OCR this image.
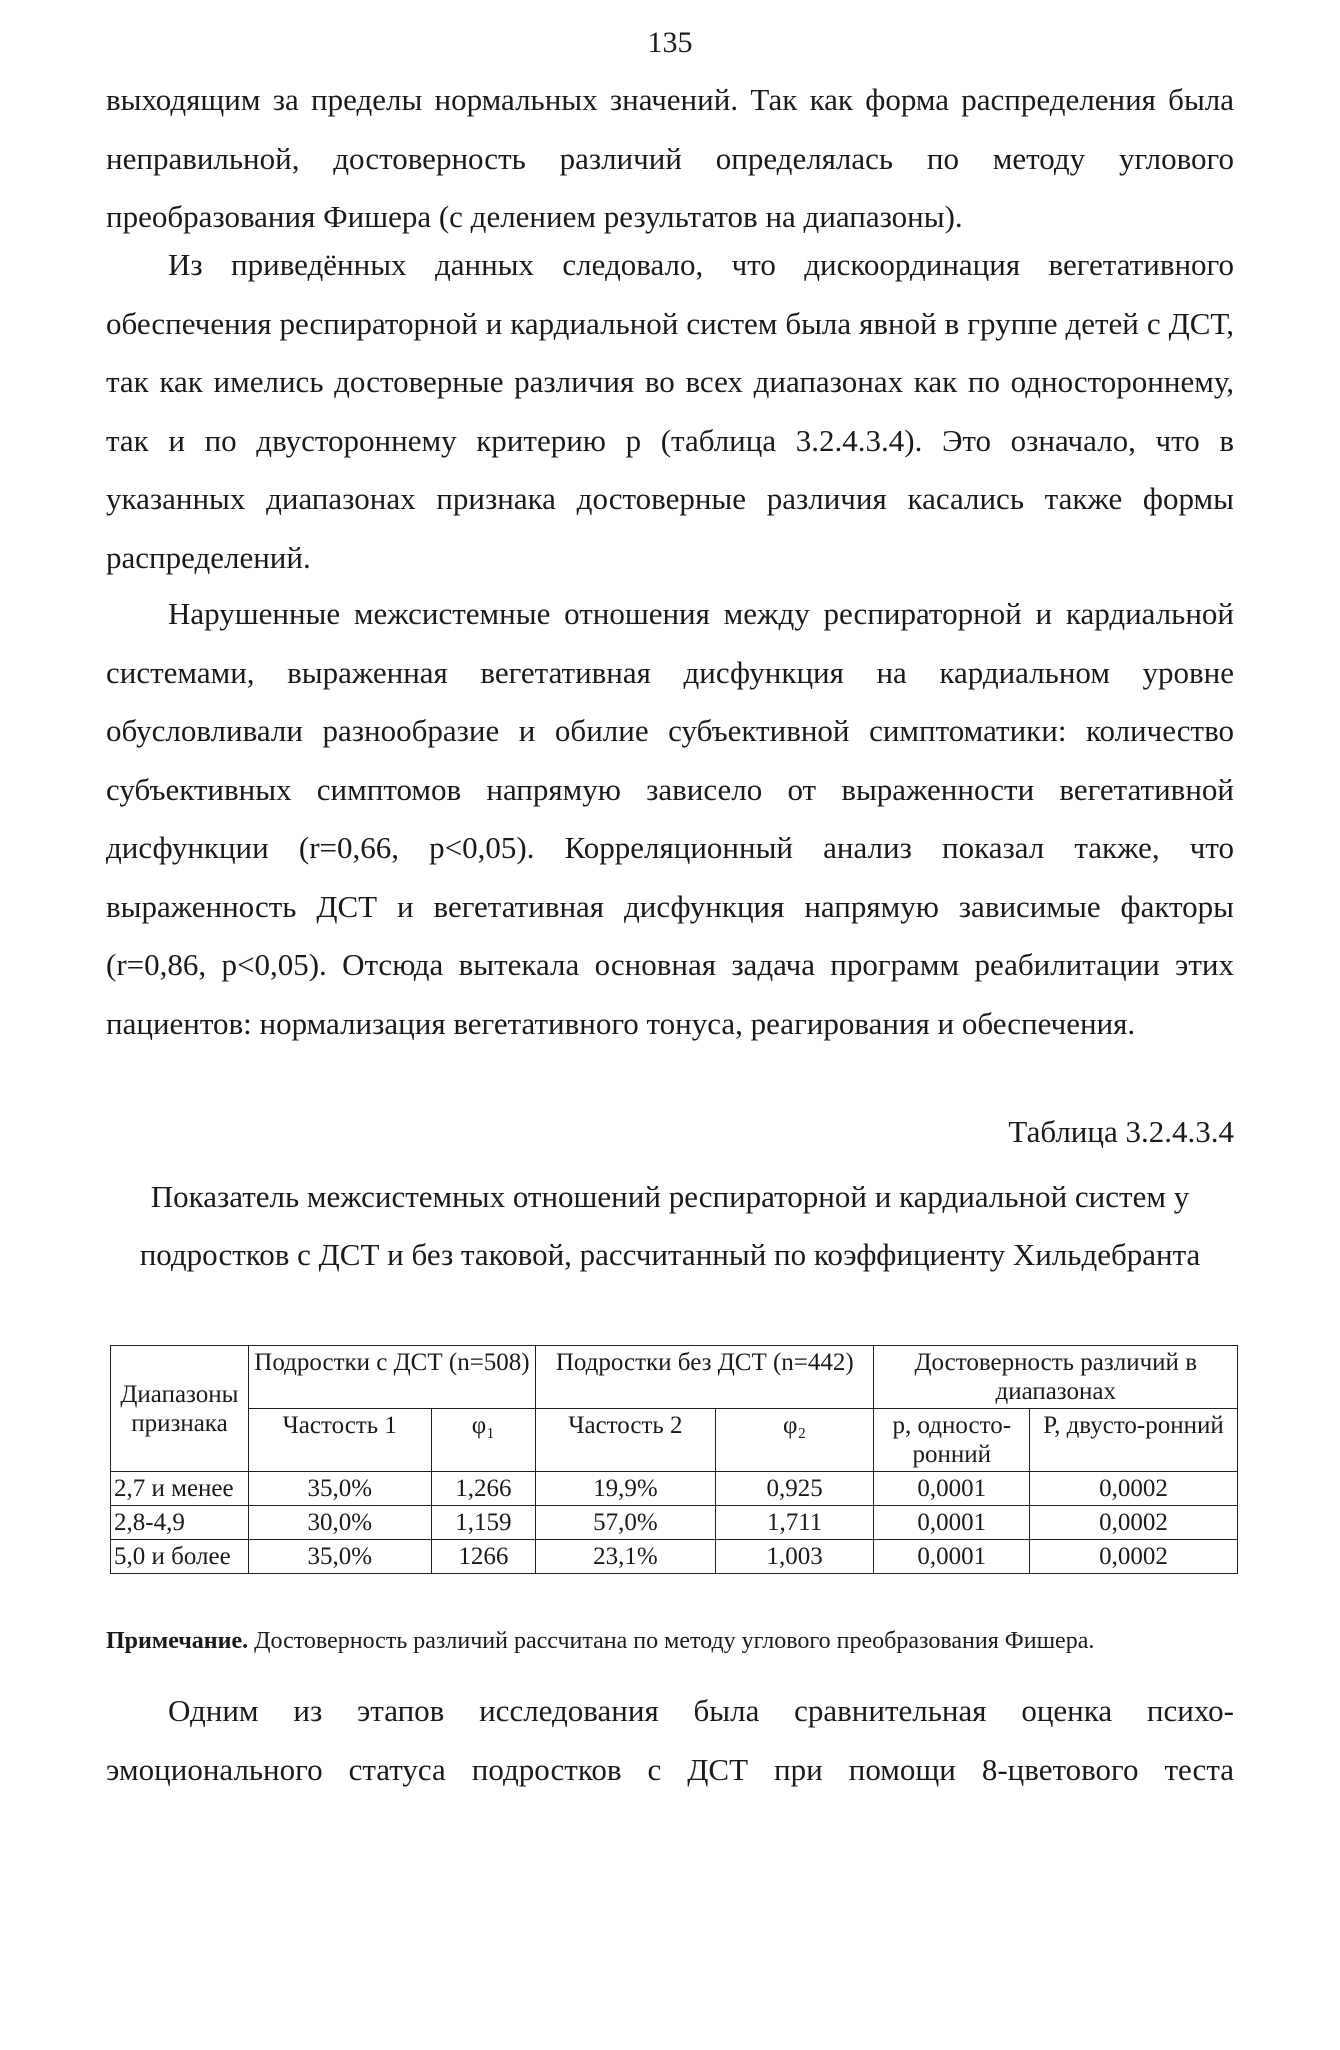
135

выходящим за пределы нормальных значений. Так как форма распределения была неправильной, достоверность различий определялась по методу углового преобразования Фишера (с делением результатов на диапазоны).

Из приведённых данных следовало, что дискоординация вегетативного обеспечения респираторной и кардиальной систем была явной в группе детей с ДСТ, так как имелись достоверные различия во всех диапазонах как по одностороннему, так и по двустороннему критерию р (таблица 3.2.4.3.4). Это означало, что в указанных диапазонах признака достоверные различия касались также формы распределений.

Нарушенные межсистемные отношения между респираторной и кардиальной системами, выраженная вегетативная дисфункция на кардиальном уровне обусловливали разнообразие и обилие субъективной симптоматики: количество субъективных симптомов напрямую зависело от выраженности вегетативной дисфункции (r=0,66, p<0,05). Корреляционный анализ показал также, что выраженность ДСТ и вегетативная дисфункция напрямую зависимые факторы (r=0,86, p<0,05). Отсюда вытекала основная задача программ реабилитации этих пациентов: нормализация вегетативного тонуса, реагирования и обеспечения.

Таблица 3.2.4.3.4
Показатель межсистемных отношений респираторной и кардиальной систем у подростков с ДСТ и без таковой, рассчитанный по коэффициенту Хильдебранта
Диапазоны признака	Подростки с ДСТ (n=508)		Подростки без ДСТ (n=442)		Достоверность различий в диапазонах	
	Частость 1	φ₁	Частость 2	φ₂	р, односто-ронний	Р, двусто-ронний
2,7 и менее	35,0%	1,266	19,9%	0,925	0,0001	0,0002
2,8-4,9	30,0%	1,159	57,0%	1,711	0,0001	0,0002
5,0 и более	35,0%	1266	23,1%	1,003	0,0001	0,0002
Примечание. Достоверность различий рассчитана по методу углового преобразования Фишера.

Одним из этапов исследования была сравнительная оценка психо-эмоционального статуса подростков с ДСТ при помощи 8-цветового теста
